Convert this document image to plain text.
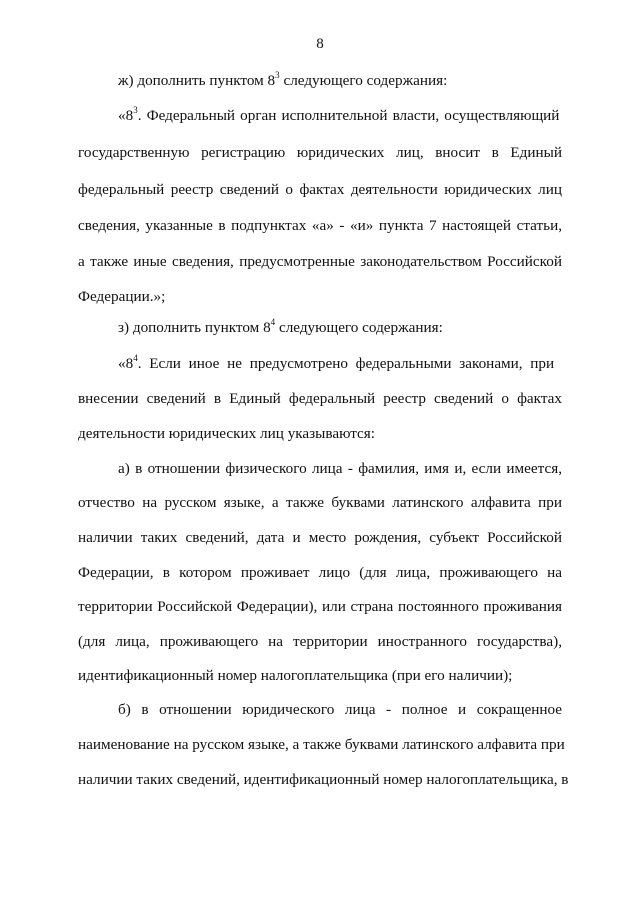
8
ж) дополнить пунктом $8^3$ следующего содержания:
«$8^3$. Федеральный орган исполнительной власти, осуществляющий
государственную регистрацию юридических лиц, вносит в Единый
федеральный реестр сведений о фактах деятельности юридических лиц
сведения, указанные в подпунктах «а» - «и» пункта 7 настоящей статьи,
а также иные сведения, предусмотренные законодательством Российской
Федерации.»;
з) дополнить пунктом $8^4$ следующего содержания:
«$8^4$. Если иное не предусмотрено федеральными законами, при
внесении сведений в Единый федеральный реестр сведений о фактах
деятельности юридических лиц указываются:
а) в отношении физического лица - фамилия, имя и, если имеется,
отчество на русском языке, а также буквами латинского алфавита при
наличии таких сведений, дата и место рождения, субъект Российской
Федерации, в котором проживает лицо (для лица, проживающего на
территории Российской Федерации), или страна постоянного проживания
(для лица, проживающего на территории иностранного государства),
идентификационный номер налогоплательщика (при его наличии);
б) в отношении юридического лица - полное и сокращенное
наименование на русском языке, а также буквами латинского алфавита при
наличии таких сведений, идентификационный номер налогоплательщика, в
